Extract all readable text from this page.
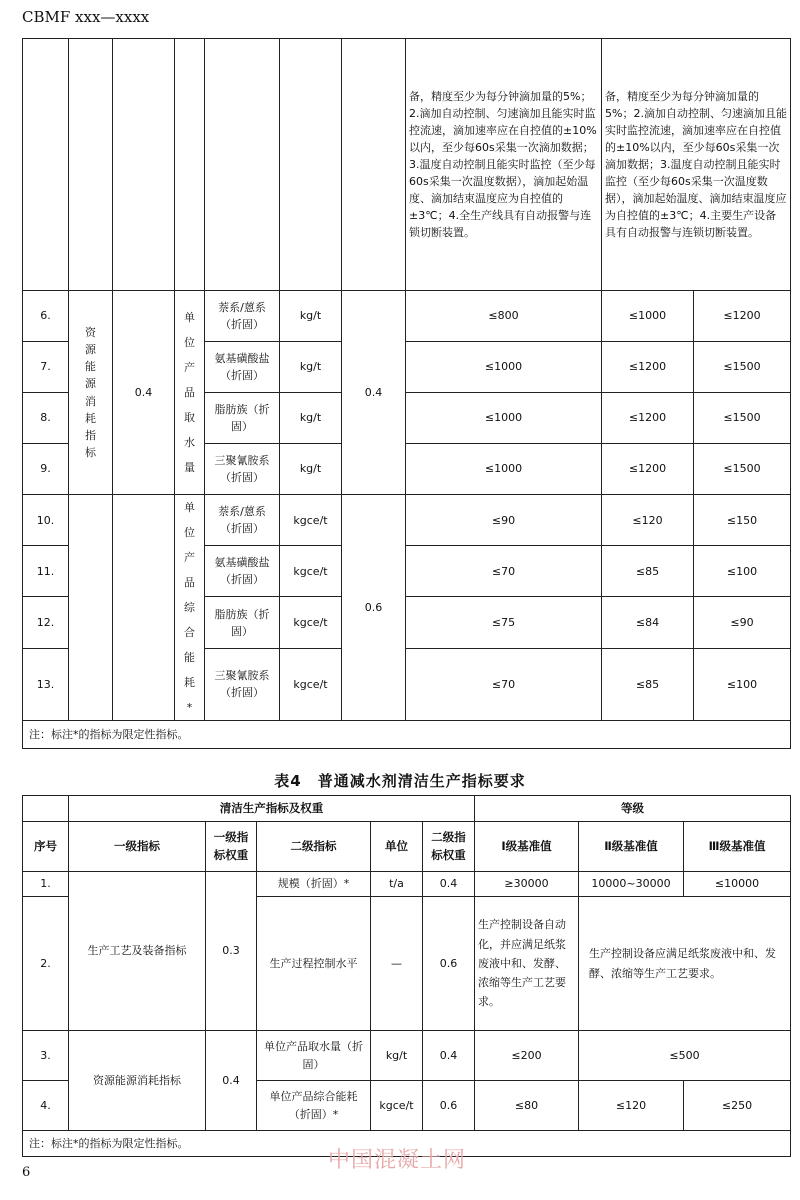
CBMF xxx—xxxx
							备，精度至少为每分钟滴加量的5%；2.滴加自动控制、匀速滴加且能实时监控流速，滴加速率应在自控值的±10%以内，至少每60s采集一次滴加数据；3.温度自动控制且能实时监控（至少每60s采集一次温度数据），滴加起始温度、滴加结束温度应为自控值的±3℃；4.全生产线具有自动报警与连锁切断装置。	备，精度至少为每分钟滴加量的5%；2.滴加自动控制、匀速滴加且能实时监控流速，滴加速率应在自控值的±10%以内，至少每60s采集一次滴加数据；3.温度自动控制且能实时监控（至少每60s采集一次温度数据），滴加起始温度、滴加结束温度应为自控值的±3℃；4.主要生产设备具有自动报警与连锁切断装置。	
6.	资源能源消耗指标	0.4	单位产品取水量	萘系/蒽系（折固）	kg/t	0.4	≤800	≤1000	≤1200
7.				氨基磺酸盐（折固）	kg/t		≤1000	≤1200	≤1500
8.				脂肪族（折固）	kg/t		≤1000	≤1200	≤1500
9.				三聚氰胺系（折固）	kg/t		≤1000	≤1200	≤1500
10.			单位产品综合能耗*	萘系/蒽系（折固）	kgce/t	0.6	≤90	≤120	≤150
11.				氨基磺酸盐（折固）	kgce/t		≤70	≤85	≤100
12.				脂肪族（折固）	kgce/t		≤75	≤84	≤90
13.				三聚氰胺系（折固）	kgce/t		≤70	≤85	≤100
注：标注*的指标为限定性指标。									
表4　普通减水剂清洁生产指标要求
	清洁生产指标及权重					等级		
序号	一级指标	一级指标权重	二级指标	单位	二级指标权重	Ⅰ级基准值	Ⅱ级基准值	Ⅲ级基准值
1.	生产工艺及装备指标	0.3	规模（折固）*	t/a	0.4	≥30000	10000~30000	≤10000
2.			生产过程控制水平	—	0.6	生产控制设备自动化，并应满足纸浆废液中和、发酵、浓缩等生产工艺要求。	生产控制设备应满足纸浆废液中和、发酵、浓缩等生产工艺要求。	
3.	资源能源消耗指标	0.4	单位产品取水量（折固）	kg/t	0.4	≤200	≤500	
4.			单位产品综合能耗（折固）*	kgce/t	0.6	≤80	≤120	≤250
注：标注*的指标为限定性指标。								
中国混凝土网
6
